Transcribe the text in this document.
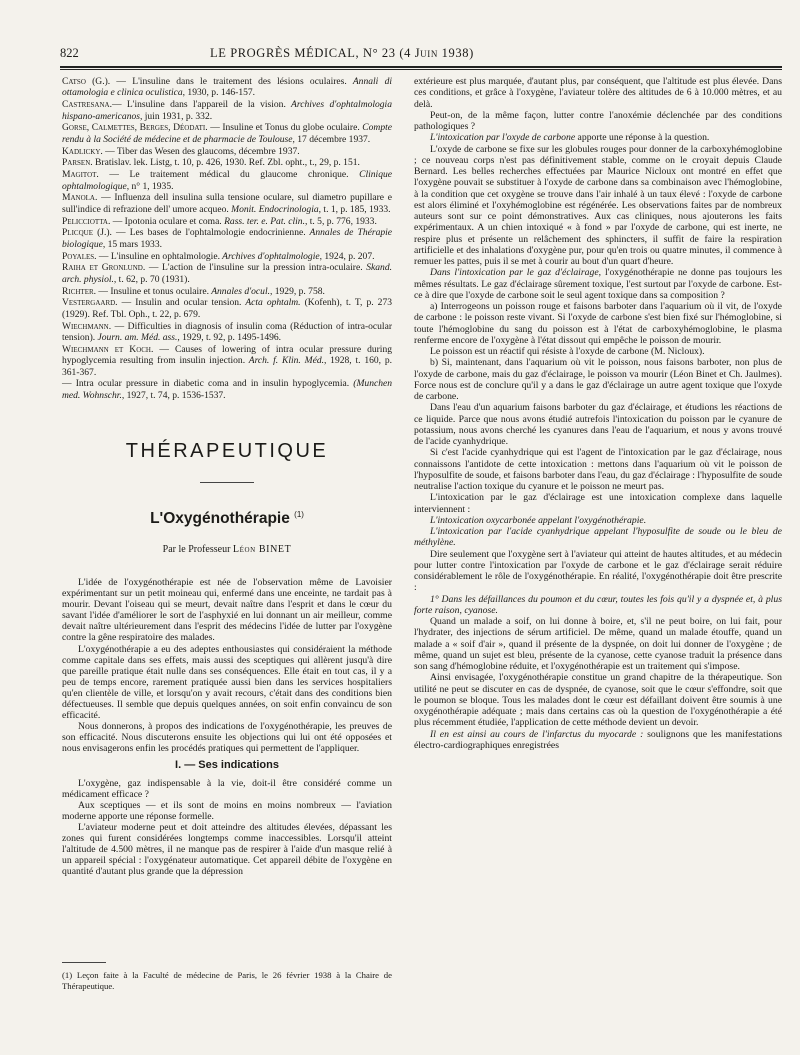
822	LE PROGRÈS MÉDICAL, N° 23 (4 Juin 1938)
Catso (G.). — L'insuline dans le traitement des lésions oculaires. Annali di ottamologia e clinica oculistica, 1930, p. 146-157.
Castresana.— L'insuline dans l'appareil de la vision. Archives d'ophtalmologia hispano-americanos, juin 1931, p. 332.
Gorse, Calmettes, Berges, Déodati. — Insuline et Tonus du globe oculaire. Compte rendu à la Société de médecine et de pharmacie de Toulouse, 17 décembre 1937.
Kadlicky. — Tiber das Wesen des glaucoms, décembre 1937.
Parsen. Bratislav. lek. Listg, t. 10, p. 426, 1930. Ref. Zbl. opht., t., 29, p. 151.
Magitot. — Le traitement médical du glaucome chronique. Clinique ophtalmologique, n° 1, 1935.
Manola. — Influenza dell insulina sulla tensione oculare, sul diametro pupillare e sull'indice di refrazione dell' umore acqueo. Monit. Endocrinologia, t. 1, p. 185, 1933.
Pelicciotta. — Ipotonia oculare et coma. Rass. ter. e. Pat. clin., t. 5, p. 776, 1933.
Plicque (J.). — Les bases de l'ophtalmologie endocrinienne. Annales de Thérapie biologique, 15 mars 1933.
Poyales. — L'insuline en ophtalmologie. Archives d'ophtalmologie, 1924, p. 207.
Raiha et Gronlund. — L'action de l'insuline sur la pression intra-oculaire. Skand. arch. physiol., t. 62, p. 70 (1931).
Richter. — Insuline et tonus oculaire. Annales d'ocul., 1929, p. 758.
Vestergaard. — Insulin and ocular tension. Acta ophtalm. (Kofenh), t. T, p. 273 (1929). Ref. Tbl. Oph., t. 22, p. 679.
Wiechmann. — Difficulties in diagnosis of insulin coma (Réduction of intra-ocular tension). Journ. am. Méd. ass., 1929, t. 92, p. 1495-1496.
Wiechmann et Koch. — Causes of lowering of intra ocular pressure during hypoglycemia resulting from insulin injection. Arch. f. Klin. Méd., 1928, t. 160, p. 361-367.
— Intra ocular pressure in diabetic coma and in insulin hypoglycemia. (Munchen med. Wohnschr., 1927, t. 74, p. 1536-1537.
THÉRAPEUTIQUE
L'Oxygénothérapie $^{(1)}$
Par le Professeur Léon BINET

L'idée de l'oxygénothérapie est née de l'observation même de Lavoisier expérimentant sur un petit moineau qui, enfermé dans une enceinte, ne tardait pas à mourir. Devant l'oiseau qui se meurt, devait naître dans l'esprit et dans le cœur du savant l'idée d'améliorer le sort de l'asphyxié en lui donnant un air meilleur, comme devait naître ultérieurement dans l'esprit des médecins l'idée de lutter par l'oxygène contre la gêne respiratoire des malades.

L'oxygénothérapie a eu des adeptes enthousiastes qui considéraient la méthode comme capitale dans ses effets, mais aussi des sceptiques qui allèrent jusqu'à dire que pareille pratique était nulle dans ses conséquences. Elle était en tout cas, il y a peu de temps encore, rarement pratiquée aussi bien dans les services hospitaliers qu'en clientèle de ville, et lorsqu'on y avait recours, c'était dans des conditions bien défectueuses. Il semble que depuis quelques années, on soit enfin convaincu de son efficacité.

Nous donnerons, à propos des indications de l'oxygénothérapie, les preuves de son efficacité. Nous discuterons ensuite les objections qui lui ont été opposées et nous envisagerons enfin les procédés pratiques qui permettent de l'appliquer.

I. — Ses indications

L'oxygène, gaz indispensable à la vie, doit-il être considéré comme un médicament efficace ?

Aux sceptiques — et ils sont de moins en moins nombreux — l'aviation moderne apporte une réponse formelle.

L'aviateur moderne peut et doit atteindre des altitudes élevées, dépassant les zones qui furent considérées longtemps comme inaccessibles. Lorsqu'il atteint l'altitude de 4.500 mètres, il ne manque pas de respirer à l'aide d'un masque relié à un appareil spécial : l'oxygénateur automatique. Cet appareil débite de l'oxygène en quantité d'autant plus grande que la dépression

(1) Leçon faite à la Faculté de médecine de Paris, le 26 février 1938 à la Chaire de Thérapeutique.

extérieure est plus marquée, d'autant plus, par conséquent, que l'altitude est plus élevée. Dans ces conditions, et grâce à l'oxygène, l'aviateur tolère des altitudes de 6 à 10.000 mètres, et au delà.

Peut-on, de la même façon, lutter contre l'anoxémie déclenchée par des conditions pathologiques ?

L'intoxication par l'oxyde de carbone apporte une réponse à la question.

L'oxyde de carbone se fixe sur les globules rouges pour donner de la carboxyhémoglobine ; ce nouveau corps n'est pas définitivement stable, comme on le croyait depuis Claude Bernard. Les belles recherches effectuées par Maurice Nicloux ont montré en effet que l'oxygène pouvait se substituer à l'oxyde de carbone dans sa combinaison avec l'hémoglobine, à la condition que cet oxygène se trouve dans l'air inhalé à un taux élevé : l'oxyde de carbone est alors éliminé et l'oxyhémoglobine est régénérée. Les observations faites par de nombreux auteurs sont sur ce point démonstratives. Aux cas cliniques, nous ajouterons les faits expérimentaux. A un chien intoxiqué « à fond » par l'oxyde de carbone, qui est inerte, ne respire plus et présente un relâchement des sphincters, il suffit de faire la respiration artificielle et des inhalations d'oxygène pur, pour qu'en trois ou quatre minutes, il commence à remuer les pattes, puis il se met à courir au bout d'un quart d'heure.

Dans l'intoxication par le gaz d'éclairage, l'oxygénothérapie ne donne pas toujours les mêmes résultats. Le gaz d'éclairage sûrement toxique, l'est surtout par l'oxyde de carbone. Est-ce à dire que l'oxyde de carbone soit le seul agent toxique dans sa composition ?

a) Interrogeons un poisson rouge et faisons barboter dans l'aquarium où il vit, de l'oxyde de carbone : le poisson reste vivant. Si l'oxyde de carbone s'est bien fixé sur l'hémoglobine, si toute l'hémoglobine du sang du poisson est à l'état de carboxyhémoglobine, le plasma renferme encore de l'oxygène à l'état dissout qui empêche le poisson de mourir.

Le poisson est un réactif qui résiste à l'oxyde de carbone (M. Nicloux).

b) Si, maintenant, dans l'aquarium où vit le poisson, nous faisons barboter, non plus de l'oxyde de carbone, mais du gaz d'éclairage, le poisson va mourir (Léon Binet et Ch. Jaulmes). Force nous est de conclure qu'il y a dans le gaz d'éclairage un autre agent toxique que l'oxyde de carbone.

Dans l'eau d'un aquarium faisons barboter du gaz d'éclairage, et étudions les réactions de ce liquide. Parce que nous avons étudié autrefois l'intoxication du poisson par le cyanure de potassium, nous avons cherché les cyanures dans l'eau de l'aquarium, et nous y avons trouvé de l'acide cyanhydrique.

Si c'est l'acide cyanhydrique qui est l'agent de l'intoxication par le gaz d'éclairage, nous connaissons l'antidote de cette intoxication : mettons dans l'aquarium où vit le poisson de l'hyposulfite de soude, et faisons barboter dans l'eau, du gaz d'éclairage : l'hyposulfite de soude neutralise l'action toxique du cyanure et le poisson ne meurt pas.

L'intoxication par le gaz d'éclairage est une intoxication complexe dans laquelle interviennent :

L'intoxication oxycarbonée appelant l'oxygénothérapie.

L'intoxication par l'acide cyanhydrique appelant l'hyposulfite de soude ou le bleu de méthylène.

Dire seulement que l'oxygène sert à l'aviateur qui atteint de hautes altitudes, et au médecin pour lutter contre l'intoxication par l'oxyde de carbone et le gaz d'éclairage serait réduire considérablement le rôle de l'oxygénothérapie. En réalité, l'oxygénothérapie doit être prescrite :

1° Dans les défaillances du poumon et du cœur, toutes les fois qu'il y a dyspnée et, à plus forte raison, cyanose.

Quand un malade a soif, on lui donne à boire, et, s'il ne peut boire, on lui fait, pour l'hydrater, des injections de sérum artificiel. De même, quand un malade étouffe, quand un malade a « soif d'air », quand il présente de la dyspnée, on doit lui donner de l'oxygène ; de même, quand un sujet est bleu, présente de la cyanose, cette cyanose traduit la présence dans son sang d'hémoglobine réduite, et l'oxygénothérapie est un traitement qui s'impose.

Ainsi envisagée, l'oxygénothérapie constitue un grand chapitre de la thérapeutique. Son utilité ne peut se discuter en cas de dyspnée, de cyanose, soit que le cœur s'effondre, soit que le poumon se bloque. Tous les malades dont le cœur est défaillant doivent être soumis à une oxygénothérapie adéquate ; mais dans certains cas où la question de l'oxygénothérapie a été plus récemment étudiée, l'application de cette méthode devient un devoir.

Il en est ainsi au cours de l'infarctus du myocarde : soulignons que les manifestations électro-cardiographiques enregistrées
